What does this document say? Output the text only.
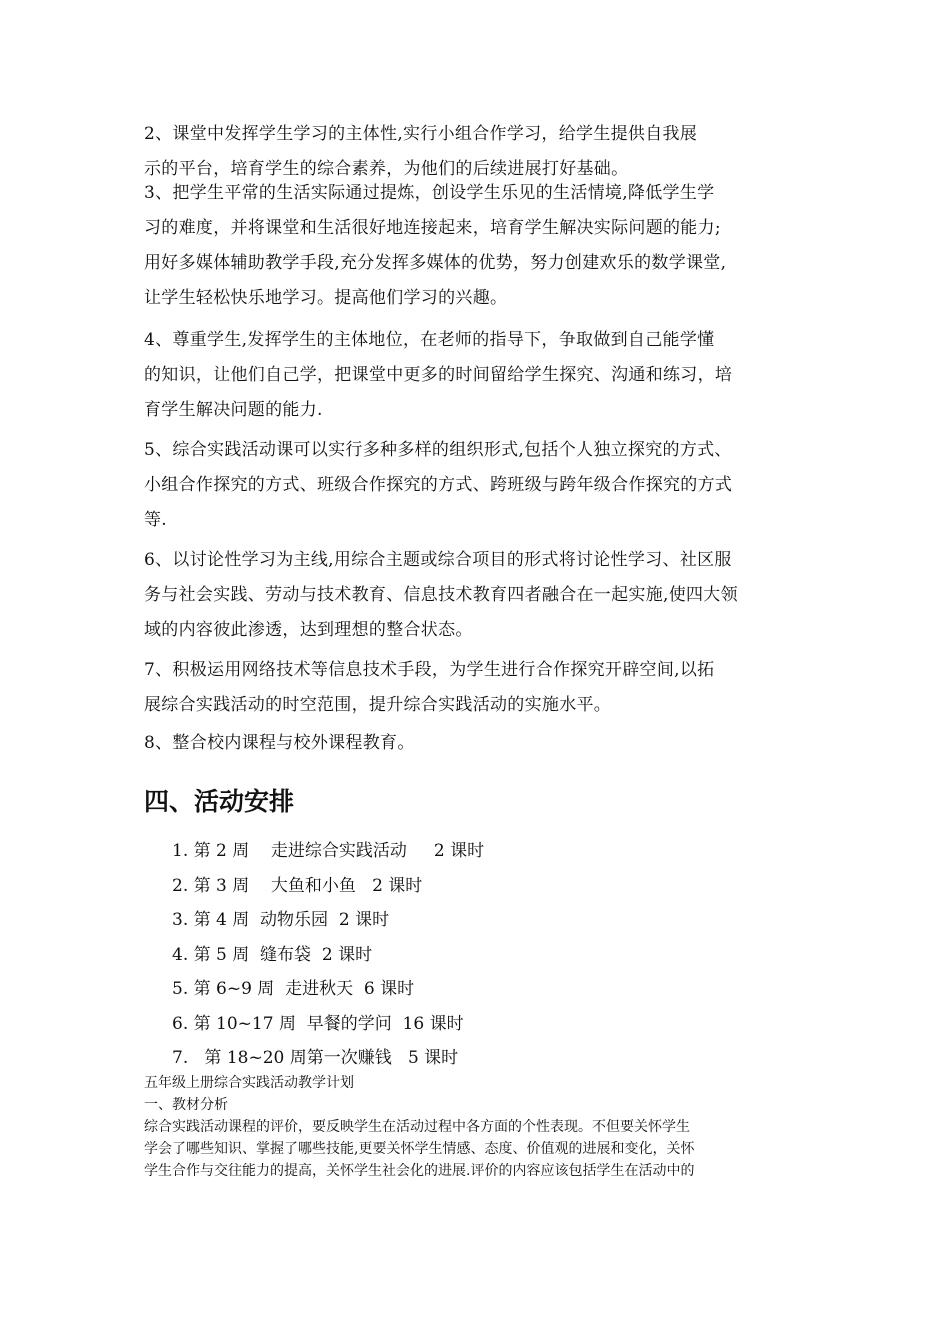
2、课堂中发挥学生学习的主体性,实行小组合作学习，给学生提供自我展
示的平台，培育学生的综合素养，为他们的后续进展打好基础。
3、把学生平常的生活实际通过提炼，创设学生乐见的生活情境,降低学生学
习的难度，并将课堂和生活很好地连接起来，培育学生解决实际问题的能力;
用好多媒体辅助教学手段,充分发挥多媒体的优势，努力创建欢乐的数学课堂,
让学生轻松快乐地学习。提高他们学习的兴趣。
4、尊重学生,发挥学生的主体地位，在老师的指导下，争取做到自己能学懂
的知识，让他们自己学，把课堂中更多的时间留给学生探究、沟通和练习，培
育学生解决问题的能力.
5、综合实践活动课可以实行多种多样的组织形式,包括个人独立探究的方式、
小组合作探究的方式、班级合作探究的方式、跨班级与跨年级合作探究的方式
等.
6、以讨论性学习为主线,用综合主题或综合项目的形式将讨论性学习、社区服
务与社会实践、劳动与技术教育、信息技术教育四者融合在一起实施,使四大领
域的内容彼此渗透，达到理想的整合状态。
7、积极运用网络技术等信息技术手段，为学生进行合作探究开辟空间,以拓
展综合实践活动的时空范围，提升综合实践活动的实施水平。
8、整合校内课程与校外课程教育。
四、活动安排
1. 第 2 周    走进综合实践活动     2 课时
2. 第 3 周    大鱼和小鱼   2 课时
3. 第 4 周  动物乐园  2 课时
4. 第 5 周  缝布袋  2 课时
5. 第 6~9 周  走进秋天  6 课时
6. 第 10~17 周  早餐的学问  16 课时
7.   第 18~20 周第一次赚钱   5 课时
五年级上册综合实践活动教学计划
一、教材分析
综合实践活动课程的评价，要反映学生在活动过程中各方面的个性表现。不但要关怀学生
学会了哪些知识、掌握了哪些技能,更要关怀学生情感、态度、价值观的进展和变化，关怀
学生合作与交往能力的提高，关怀学生社会化的进展.评价的内容应该包括学生在活动中的
